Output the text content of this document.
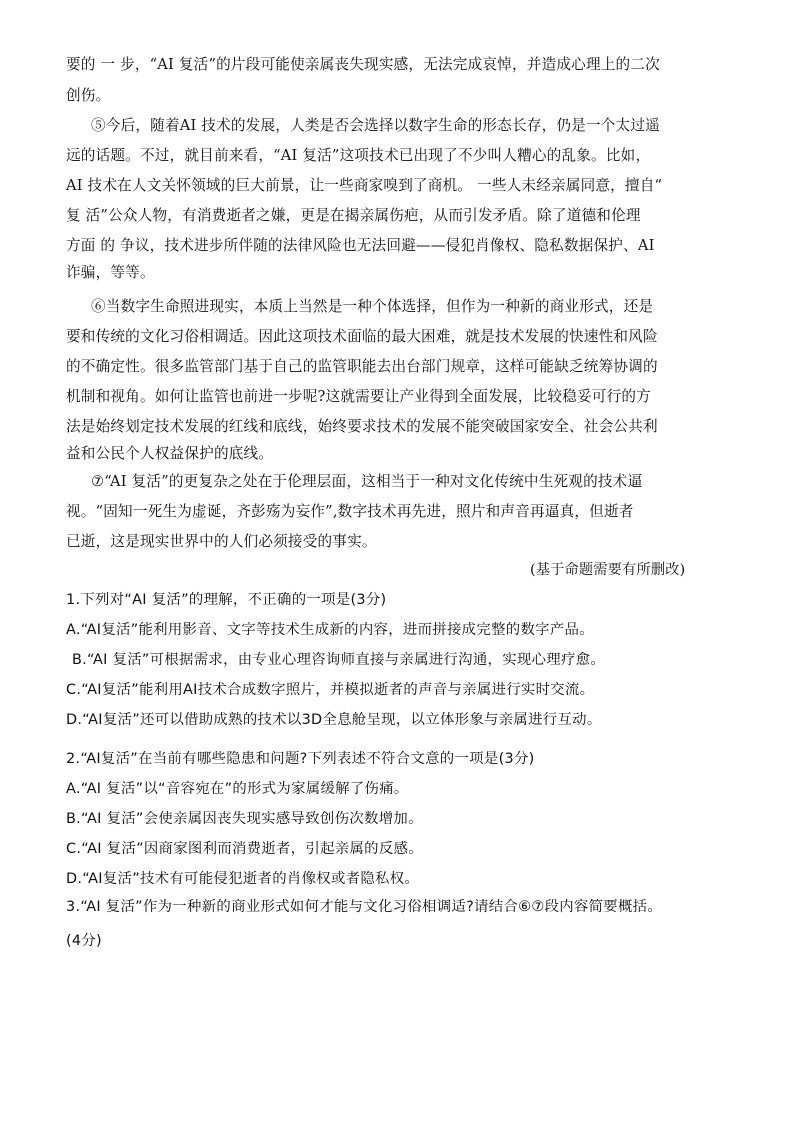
要的 一 步，“AI 复活”的片段可能使亲属丧失现实感，无法完成哀悼，并造成心理上的二次
创伤。
⑤今后，随着AI 技术的发展，人类是否会选择以数字生命的形态长存，仍是一个太过遥
远的话题。不过，就目前来看，“AI 复活”这项技术已出现了不少叫人糟心的乱象。比如，
AI 技术在人文关怀领域的巨大前景，让一些商家嗅到了商机。 一些人未经亲属同意，擅自“
复 活”公众人物，有消费逝者之嫌，更是在揭亲属伤疤，从而引发矛盾。除了道德和伦理
方面 的 争议，技术进步所伴随的法律风险也无法回避——侵犯肖像权、隐私数据保护、AI
诈骗，等等。
⑥当数字生命照进现实，本质上当然是一种个体选择，但作为一种新的商业形式，还是
要和传统的文化习俗相调适。因此这项技术面临的最大困难，就是技术发展的快速性和风险
的不确定性。很多监管部门基于自己的监管职能去出台部门规章，这样可能缺乏统筹协调的
机制和视角。如何让监管也前进一步呢?这就需要让产业得到全面发展，比较稳妥可行的方
法是始终划定技术发展的红线和底线，始终要求技术的发展不能突破国家安全、社会公共利
益和公民个人权益保护的底线。
⑦“AI 复活”的更复杂之处在于伦理层面，这相当于一种对文化传统中生死观的技术逼
视。“固知一死生为虚诞，齐彭殇为妄作”,数字技术再先进，照片和声音再逼真，但逝者
已逝，这是现实世界中的人们必须接受的事实。
(基于命题需要有所删改)
1.下列对“AI 复活”的理解，不正确的一项是(3分)
A.“AI复活”能利用影音、文字等技术生成新的内容，进而拼接成完整的数字产品。
B.“AI 复活”可根据需求，由专业心理咨询师直接与亲属进行沟通，实现心理疗愈。
C.“AI复活”能利用AI技术合成数字照片，并模拟逝者的声音与亲属进行实时交流。
D.“AI复活”还可以借助成熟的技术以3D全息舱呈现，以立体形象与亲属进行互动。
2.“AI复活”在当前有哪些隐患和问题?下列表述不符合文意的一项是(3分)
A.“AI 复活”以“音容宛在”的形式为家属缓解了伤痛。
B.“AI 复活”会使亲属因丧失现实感导致创伤次数增加。
C.“AI 复活”因商家图利而消费逝者，引起亲属的反感。
D.“AI复活”技术有可能侵犯逝者的肖像权或者隐私权。
3.“AI 复活”作为一种新的商业形式如何才能与文化习俗相调适?请结合⑥⑦段内容简要概括。
(4分)
